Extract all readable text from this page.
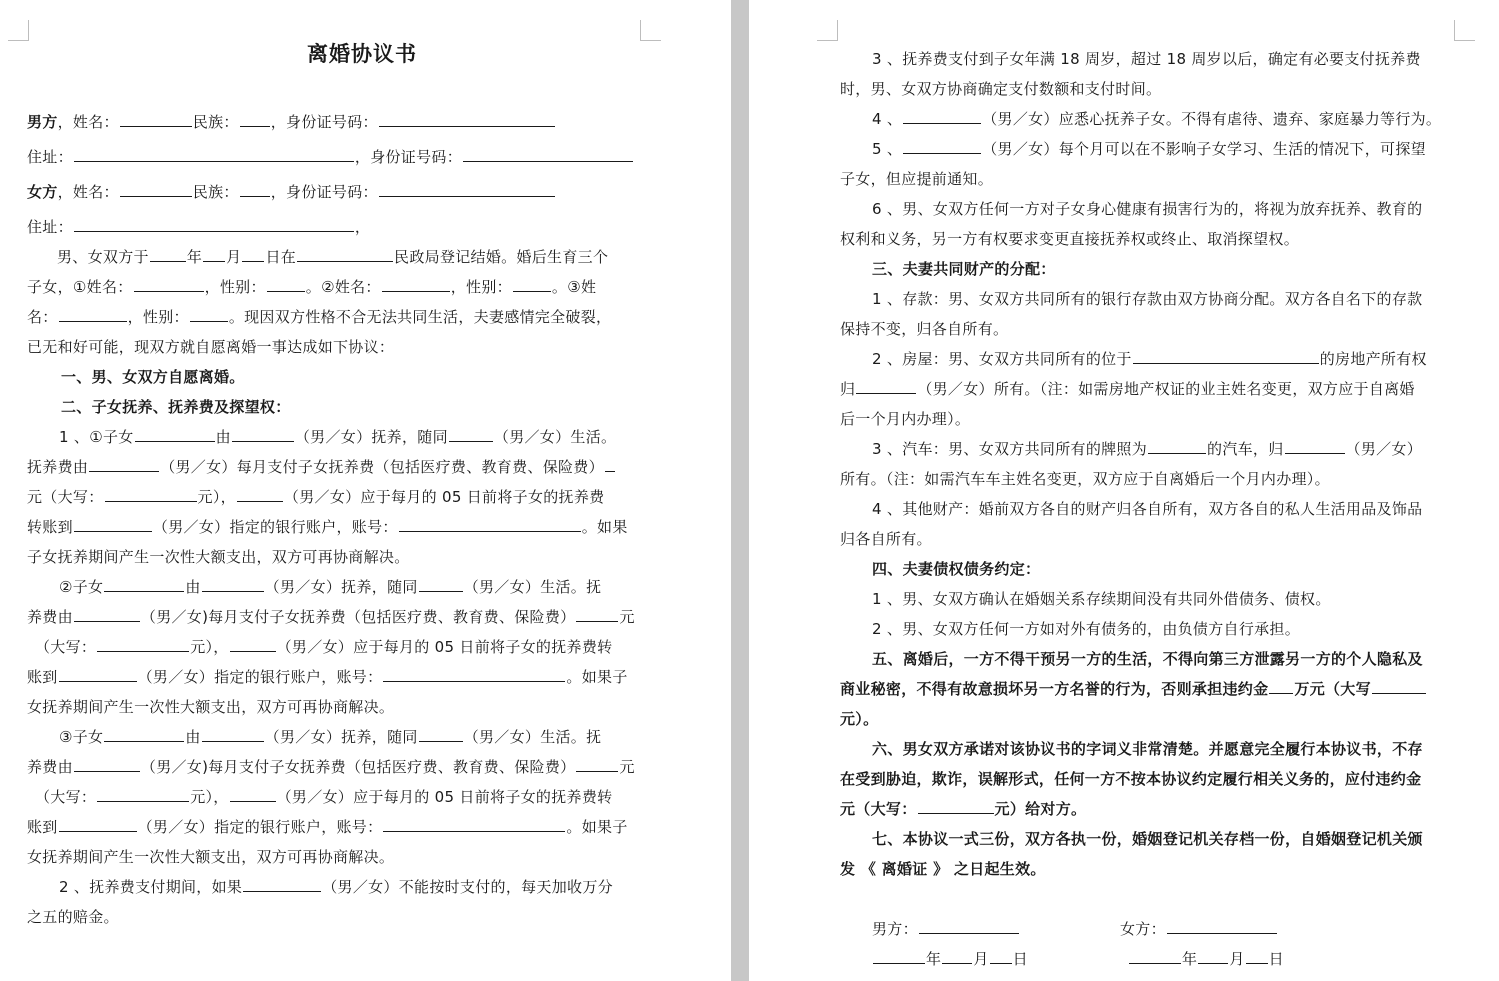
离婚协议书
男方，姓名：	民族： ，身份证号码：
住址：	，身份证号码：
女方，姓名：	民族： ，身份证号码：
住址：	，
男、女双方于	年 月 日在	民政局登记结婚。婚后生育三个
子女，①姓名：	，性别：	。②姓名：	，性别：	。③姓
名：	，性别：	。现因双方性格不合无法共同生活，夫妻感情完全破裂，
已无和好可能，现双方就自愿离婚一事达成如下协议：
一、男、女双方自愿离婚。
二、子女抚养、抚养费及探望权：
1 、①子女	由	（男／女）抚养，随同	（男／女）生活。
抚养费由	（男／女）每月支付子女抚养费（包括医疗费、教育费、保险费）
元（大写：	元），	（男／女）应于每月的 05 日前将子女的抚养费
转账到	（男／女）指定的银行账户，账号：	。如果
子女抚养期间产生一次性大额支出，双方可再协商解决。
②子女	由	（男／女）抚养，随同	（男／女）生活。抚
养费由	（男／女)每月支付子女抚养费（包括医疗费、教育费、保险费）	元
（大写：	元），	（男／女）应于每月的 05 日前将子女的抚养费转
账到	（男／女）指定的银行账户，账号：	。如果子
女抚养期间产生一次性大额支出，双方可再协商解决。
③子女	由	（男／女）抚养，随同	（男／女）生活。抚
养费由	（男／女)每月支付子女抚养费（包括医疗费、教育费、保险费）	元
（大写：	元），	（男／女）应于每月的 05 日前将子女的抚养费转
账到	（男／女）指定的银行账户，账号：	。如果子
女抚养期间产生一次性大额支出，双方可再协商解决。
2 、抚养费支付期间，如果	（男／女）不能按时支付的，每天加收万分
之五的赔金。
3 、抚养费支付到子女年满 18 周岁，超过 18 周岁以后，确定有必要支付抚养费
时，男、女双方协商确定支付数额和支付时间。
4 、	（男／女）应悉心抚养子女。不得有虐待、遗弃、家庭暴力等行为。
5 、	（男／女）每个月可以在不影响子女学习、生活的情况下，可探望
子女，但应提前通知。
6 、男、女双方任何一方对子女身心健康有损害行为的，将视为放弃抚养、教育的
权利和义务，另一方有权要求变更直接抚养权或终止、取消探望权。
三、夫妻共同财产的分配：
1 、存款：男、女双方共同所有的银行存款由双方协商分配。双方各自名下的存款
保持不变，归各自所有。
2 、房屋：男、女双方共同所有的位于	的房地产所有权
归	（男／女）所有。（注：如需房地产权证的业主姓名变更，双方应于自离婚
后一个月内办理）。
3 、汽车：男、女双方共同所有的牌照为	的汽车，归	（男／女）
所有。（注：如需汽车车主姓名变更，双方应于自离婚后一个月内办理）。
4 、其他财产：婚前双方各自的财产归各自所有，双方各自的私人生活用品及饰品
归各自所有。
四、夫妻债权债务约定：
1 、男、女双方确认在婚姻关系存续期间没有共同外借债务、债权。
2 、男、女双方任何一方如对外有债务的，由负债方自行承担。
五、离婚后，一方不得干预另一方的生活，不得向第三方泄露另一方的个人隐私及
商业秘密，不得有故意损坏另一方名誉的行为，否则承担违约金 万元（大写
元）。
六、男女双方承诺对该协议书的字词义非常清楚。并愿意完全履行本协议书，不存
在受到胁迫，欺诈，误解形式，任何一方不按本协议约定履行相关义务的，应付违约金
元（大写：	元）给对方。
七、本协议一式三份，双方各执一份，婚姻登记机关存档一份，自婚姻登记机关颁
发 《 离婚证 》 之日起生效。
男方：	女方：
年 月 日	年 月 日
